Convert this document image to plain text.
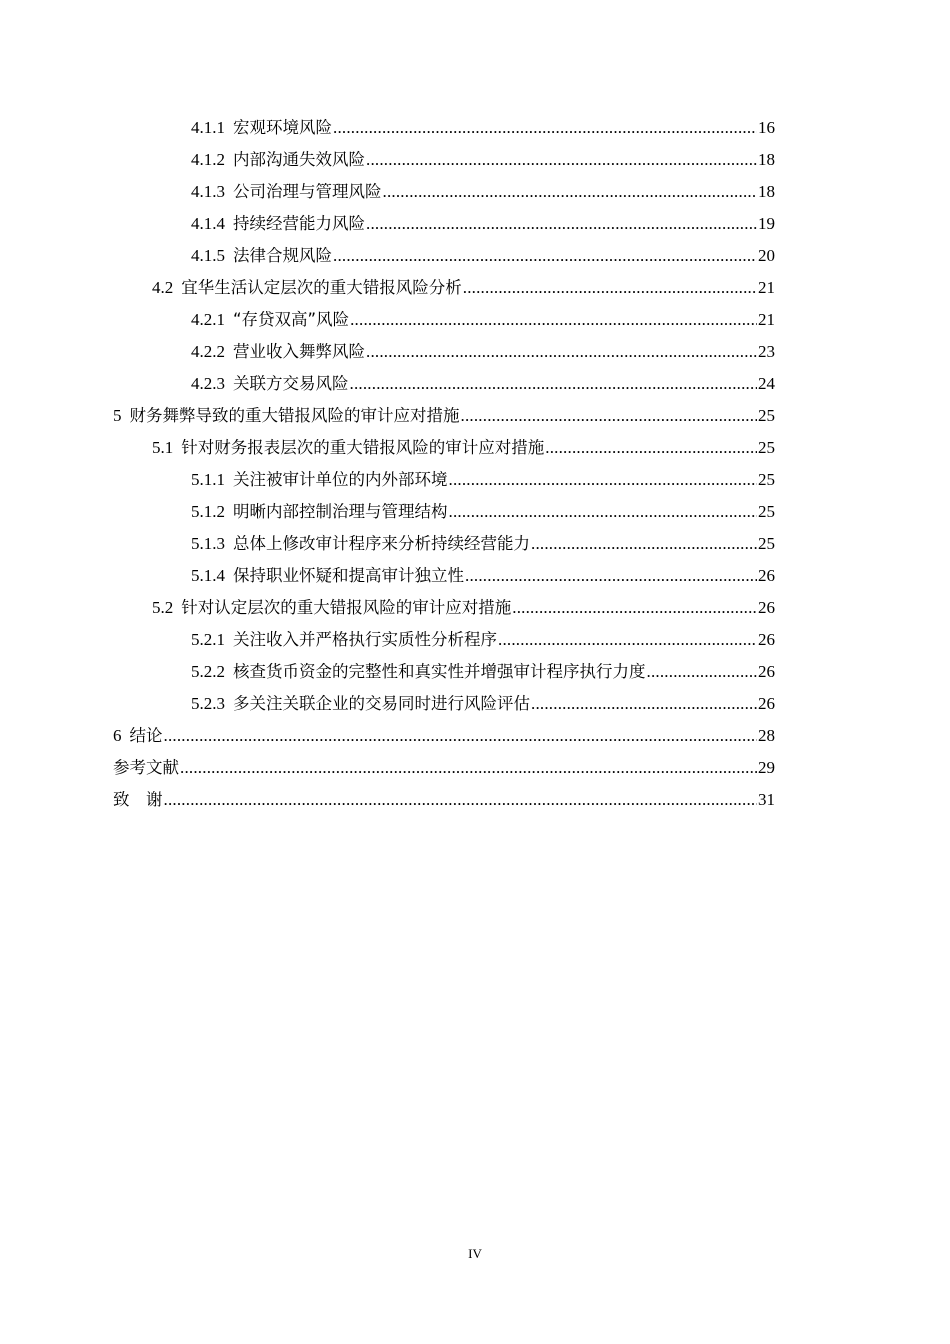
4.1.1 宏观环境风险 .....	16
4.1.2 内部沟通失效风险 .....	18
4.1.3 公司治理与管理风险 .....	18
4.1.4 持续经营能力风险 .....	19
4.1.5 法律合规风险 .....	20
4.2 宜华生活认定层次的重大错报风险分析 .....	21
4.2.1 “存贷双高”风险 .....	21
4.2.2 营业收入舞弊风险 .....	23
4.2.3 关联方交易风险 .....	24
5 财务舞弊导致的重大错报风险的审计应对措施 .....	25
5.1 针对财务报表层次的重大错报风险的审计应对措施 .....	25
5.1.1 关注被审计单位的内外部环境 .....	25
5.1.2 明晰内部控制治理与管理结构 .....	25
5.1.3 总体上修改审计程序来分析持续经营能力 .....	25
5.1.4 保持职业怀疑和提高审计独立性 .....	26
5.2 针对认定层次的重大错报风险的审计应对措施 .....	26
5.2.1 关注收入并严格执行实质性分析程序 .....	26
5.2.2 核查货币资金的完整性和真实性并增强审计程序执行力度 .....	26
5.2.3 多关注关联企业的交易同时进行风险评估 .....	26
6 结论 .....	28
参考文献 .....	29
致　谢 .....	31
IV
